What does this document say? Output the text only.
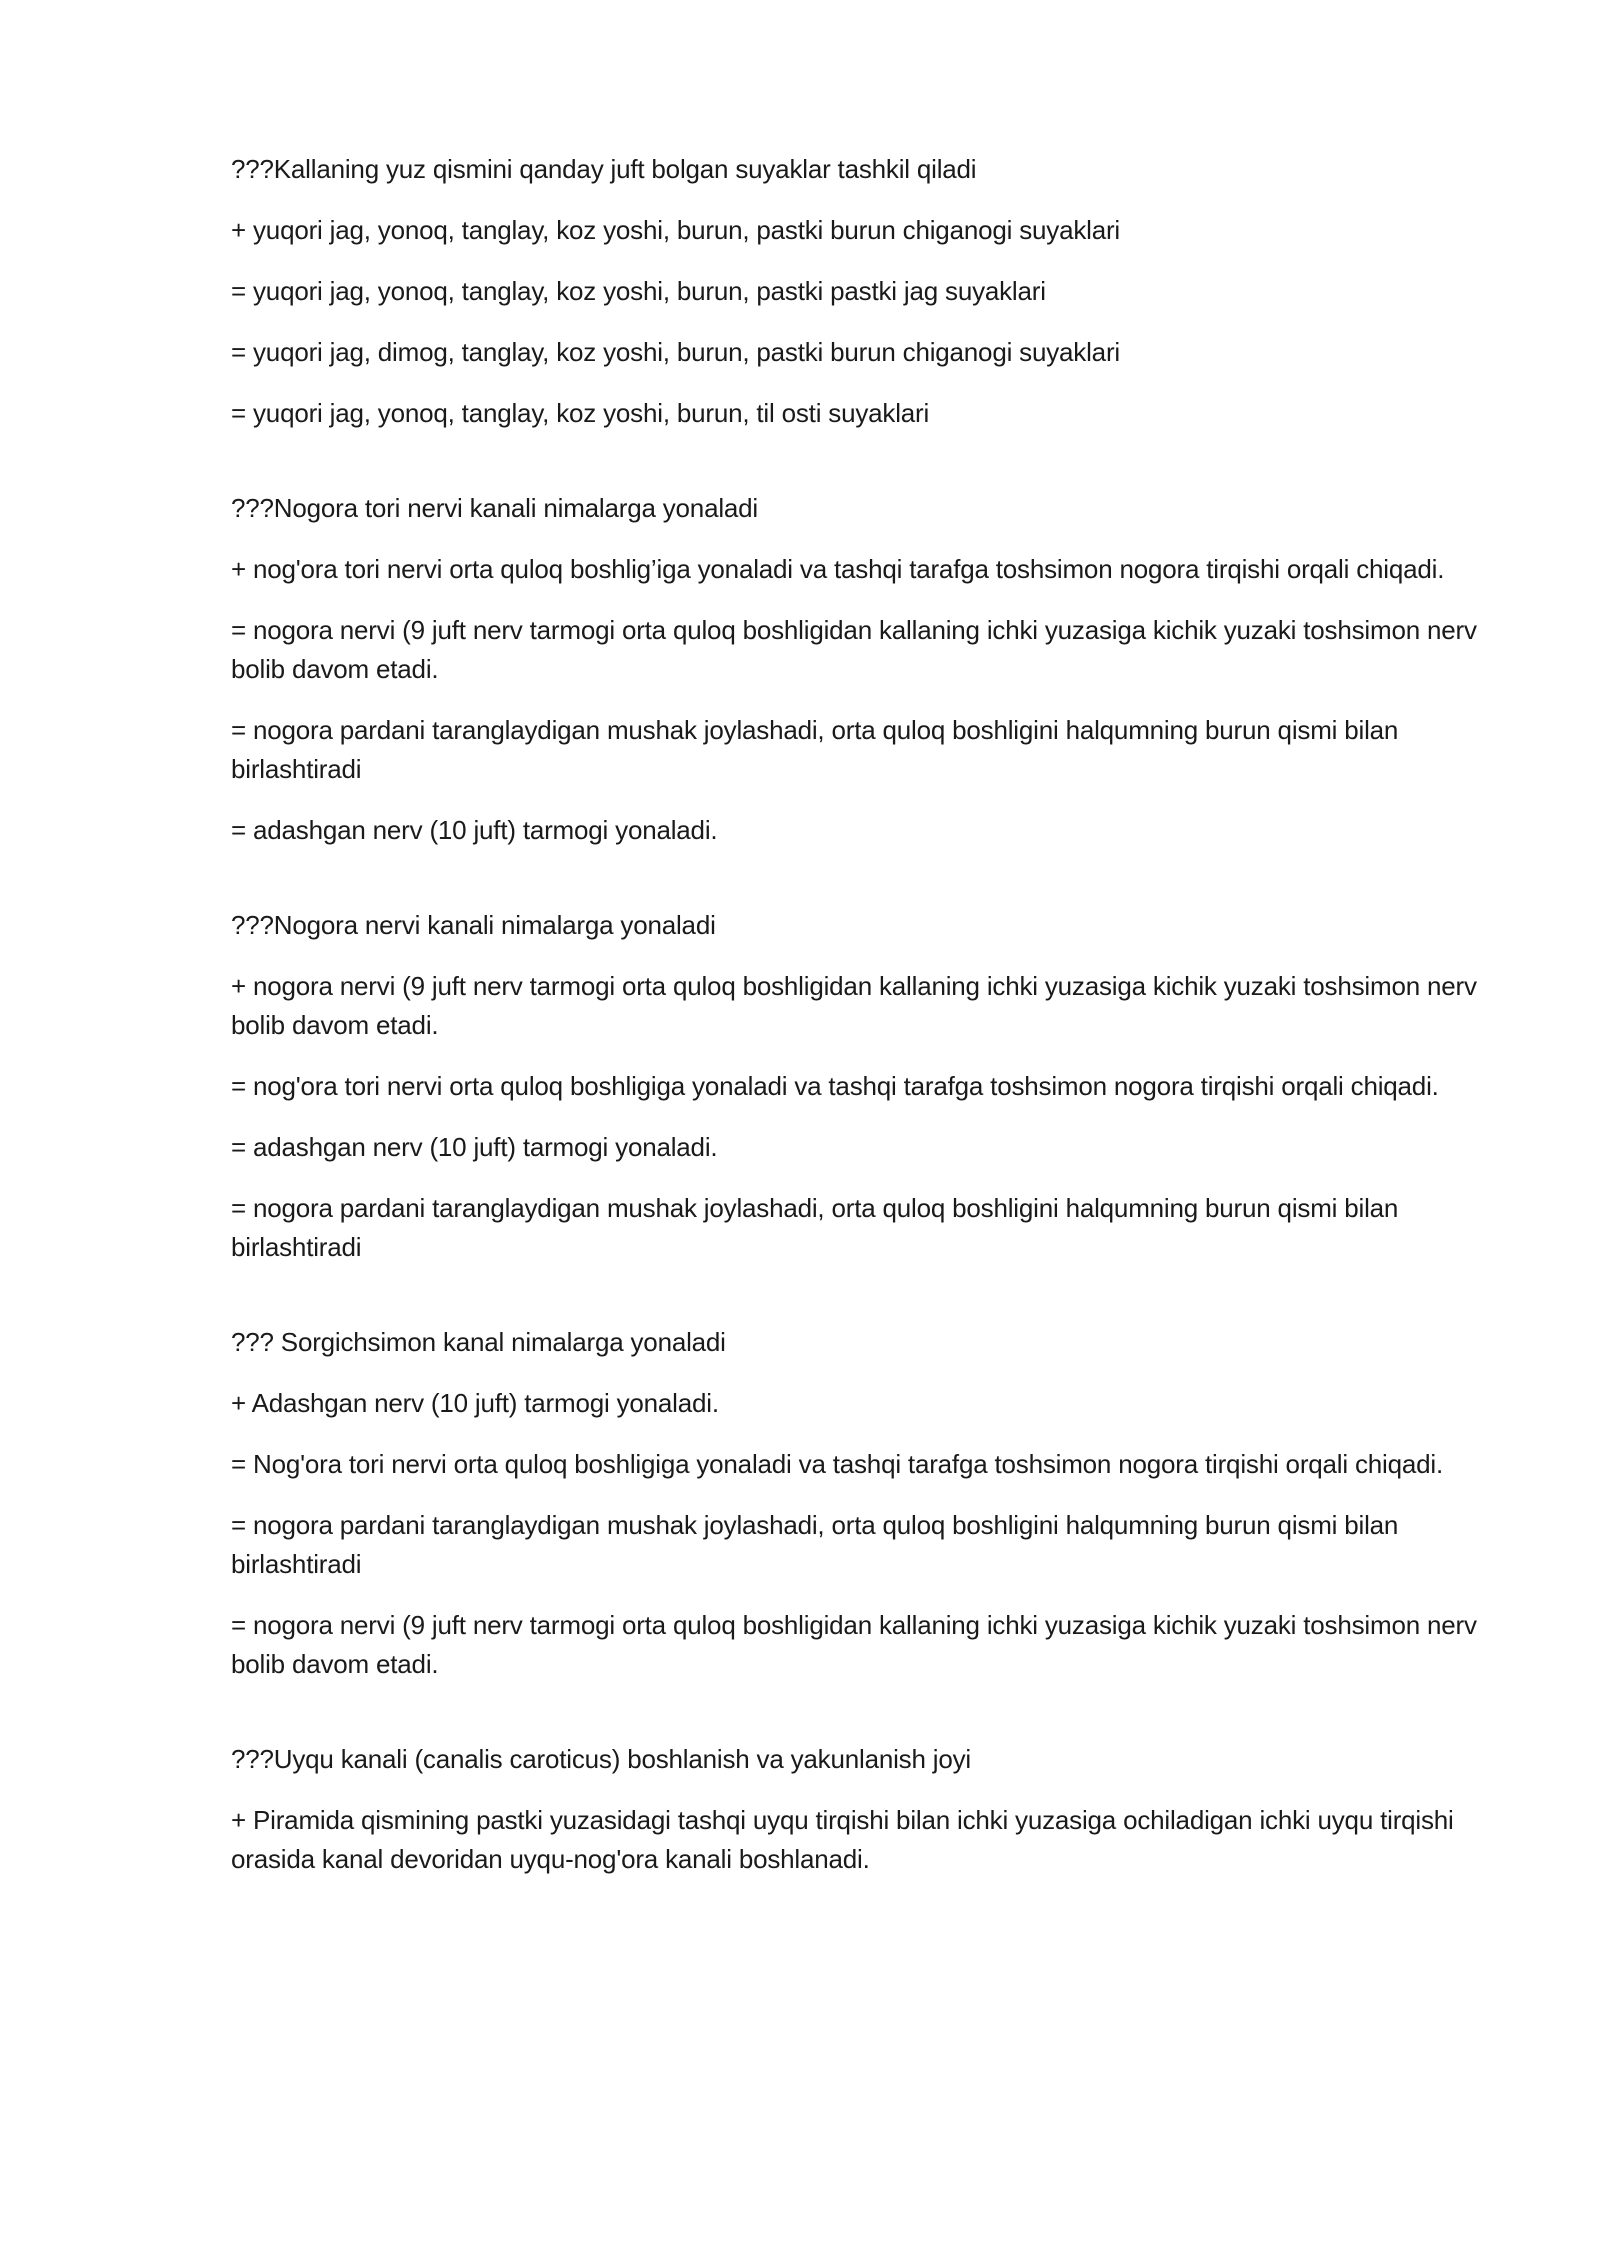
???Kallaning yuz qismini qanday juft bolgan suyaklar tashkil qiladi

+ yuqori jag, yonoq, tanglay, koz yoshi, burun, pastki burun chiganogi suyaklari

= yuqori jag, yonoq, tanglay, koz yoshi, burun, pastki pastki jag suyaklari

= yuqori jag, dimog, tanglay, koz yoshi, burun, pastki burun chiganogi suyaklari

= yuqori jag, yonoq, tanglay, koz yoshi, burun, til osti suyaklari

???Nogora tori nervi kanali nimalarga yonaladi

+ nog'ora tori nervi orta quloq boshlig’iga yonaladi va tashqi tarafga toshsimon nogora tirqishi orqali chiqadi.

= nogora nervi (9 juft nerv tarmogi orta quloq boshligidan kallaning ichki yuzasiga kichik yuzaki toshsimon nerv bolib davom etadi.

= nogora pardani taranglaydigan mushak joylashadi, orta quloq boshligini halqumning burun qismi bilan birlashtiradi

= adashgan nerv (10 juft) tarmogi yonaladi.

???Nogora nervi kanali nimalarga yonaladi

+ nogora nervi (9 juft nerv tarmogi orta quloq boshligidan kallaning ichki yuzasiga kichik yuzaki toshsimon nerv bolib davom etadi.

= nog'ora tori nervi orta quloq boshligiga yonaladi va tashqi tarafga toshsimon nogora tirqishi orqali chiqadi.

= adashgan nerv (10 juft) tarmogi yonaladi.

= nogora pardani taranglaydigan mushak joylashadi, orta quloq boshligini halqumning burun qismi bilan birlashtiradi

??? Sorgichsimon kanal nimalarga yonaladi

+ Adashgan nerv (10 juft) tarmogi yonaladi.

= Nog'ora tori nervi orta quloq boshligiga yonaladi va tashqi tarafga toshsimon nogora tirqishi orqali chiqadi.

= nogora pardani taranglaydigan mushak joylashadi, orta quloq boshligini halqumning burun qismi bilan birlashtiradi

= nogora nervi (9 juft nerv tarmogi orta quloq boshligidan kallaning ichki yuzasiga kichik yuzaki toshsimon nerv bolib davom etadi.

???Uyqu kanali (canalis caroticus) boshlanish va yakunlanish joyi

+ Piramida qismining pastki yuzasidagi tashqi uyqu tirqishi bilan ichki yuzasiga ochiladigan ichki uyqu tirqishi orasida kanal devoridan uyqu-nog'ora kanali boshlanadi.
